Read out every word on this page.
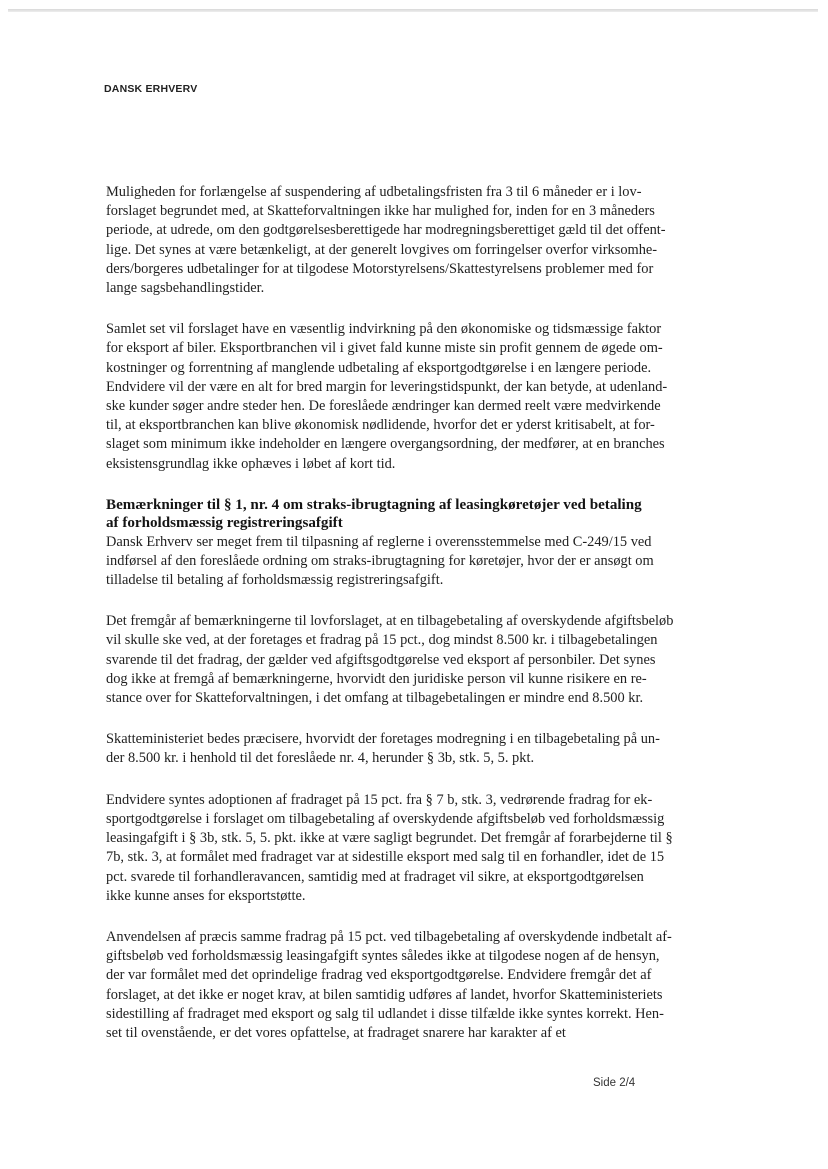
DANSK ERHVERV

Muligheden for forlængelse af suspendering af udbetalingsfristen fra 3 til 6 måneder er i lov-
forslaget begrundet med, at Skatteforvaltningen ikke har mulighed for, inden for en 3 måneders
periode, at udrede, om den godtgørelsesberettigede har modregningsberettiget gæld til det offent-
lige. Det synes at være betænkeligt, at der generelt lovgives om forringelser overfor virksomhe-
ders/borgeres udbetalinger for at tilgodese Motorstyrelsens/Skattestyrelsens problemer med for
lange sagsbehandlingstider.

Samlet set vil forslaget have en væsentlig indvirkning på den økonomiske og tidsmæssige faktor
for eksport af biler. Eksportbranchen vil i givet fald kunne miste sin profit gennem de øgede om-
kostninger og forrentning af manglende udbetaling af eksportgodtgørelse i en længere periode.
Endvidere vil der være en alt for bred margin for leveringstidspunkt, der kan betyde, at udenland-
ske kunder søger andre steder hen. De foreslåede ændringer kan dermed reelt være medvirkende
til, at eksportbranchen kan blive økonomisk nødlidende, hvorfor det er yderst kritisabelt, at for-
slaget som minimum ikke indeholder en længere overgangsordning, der medfører, at en branches
eksistensgrundlag ikke ophæves i løbet af kort tid.

Bemærkninger til § 1, nr. 4 om straks-ibrugtagning af leasingkøretøjer ved betaling
af forholdsmæssig registreringsafgift

Dansk Erhverv ser meget frem til tilpasning af reglerne i overensstemmelse med C-249/15 ved
indførsel af den foreslåede ordning om straks-ibrugtagning for køretøjer, hvor der er ansøgt om
tilladelse til betaling af forholdsmæssig registreringsafgift.

Det fremgår af bemærkningerne til lovforslaget, at en tilbagebetaling af overskydende afgiftsbeløb
vil skulle ske ved, at der foretages et fradrag på 15 pct., dog mindst 8.500 kr. i tilbagebetalingen
svarende til det fradrag, der gælder ved afgiftsgodtgørelse ved eksport af personbiler. Det synes
dog ikke at fremgå af bemærkningerne, hvorvidt den juridiske person vil kunne risikere en re-
stance over for Skatteforvaltningen, i det omfang at tilbagebetalingen er mindre end 8.500 kr.

Skatteministeriet bedes præcisere, hvorvidt der foretages modregning i en tilbagebetaling på un-
der 8.500 kr. i henhold til det foreslåede nr. 4, herunder § 3b, stk. 5, 5. pkt.

Endvidere syntes adoptionen af fradraget på 15 pct. fra § 7 b, stk. 3, vedrørende fradrag for ek-
sportgodtgørelse i forslaget om tilbagebetaling af overskydende afgiftsbeløb ved forholdsmæssig
leasingafgift i § 3b, stk. 5, 5. pkt. ikke at være sagligt begrundet. Det fremgår af forarbejderne til §
7b, stk. 3, at formålet med fradraget var at sidestille eksport med salg til en forhandler, idet de 15
pct. svarede til forhandleravancen, samtidig med at fradraget vil sikre, at eksportgodtgørelsen
ikke kunne anses for eksportstøtte.

Anvendelsen af præcis samme fradrag på 15 pct. ved tilbagebetaling af overskydende indbetalt af-
giftsbeløb ved forholdsmæssig leasingafgift syntes således ikke at tilgodese nogen af de hensyn,
der var formålet med det oprindelige fradrag ved eksportgodtgørelse. Endvidere fremgår det af
forslaget, at det ikke er noget krav, at bilen samtidig udføres af landet, hvorfor Skatteministeriets
sidestilling af fradraget med eksport og salg til udlandet i disse tilfælde ikke syntes korrekt. Hen-
set til ovenstående, er det vores opfattelse, at fradraget snarere har karakter af et

Side 2/4
